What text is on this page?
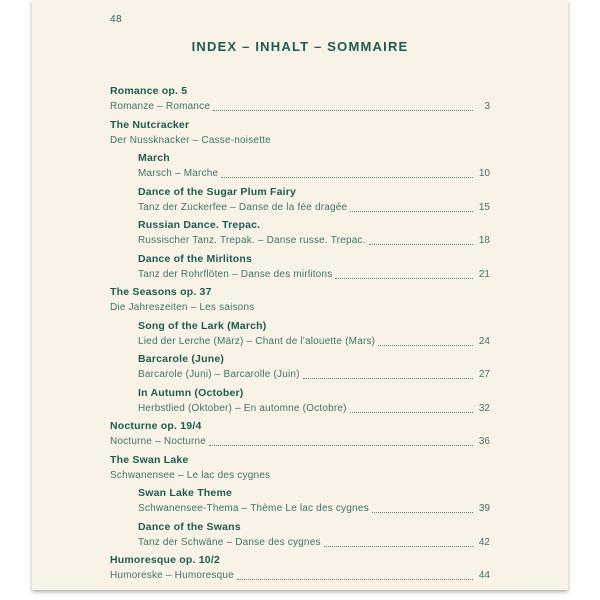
48
INDEX – INHALT – SOMMAIRE
Romance op. 5
Romanze – Romance	3
The Nutcracker
Der Nussknacker – Casse-noisette
March
Marsch – Marche	10
Dance of the Sugar Plum Fairy
Tanz der Zuckerfee – Danse de la fée dragée	15
Russian Dance. Trepac.
Russischer Tanz. Trepak. – Danse russe. Trepac.	18
Dance of the Mirlitons
Tanz der Rohrflöten – Danse des mirlitons	21
The Seasons op. 37
Die Jahreszeiten – Les saisons
Song of the Lark (March)
Lied der Lerche (März) – Chant de l'alouette (Mars)	24
Barcarole (June)
Barcarole (Juni) – Barcarolle (Juin)	27
In Autumn (October)
Herbstlied (Oktober) – En automne (Octobre)	32
Nocturne op. 19/4
Nocturne – Nocturne	36
The Swan Lake
Schwanensee – Le lac des cygnes
Swan Lake Theme
Schwanensee-Thema – Thème Le lac des cygnes	39
Dance of the Swans
Tanz der Schwäne – Danse des cygnes	42
Humoresque op. 10/2
Humoreske – Humoresque	44
